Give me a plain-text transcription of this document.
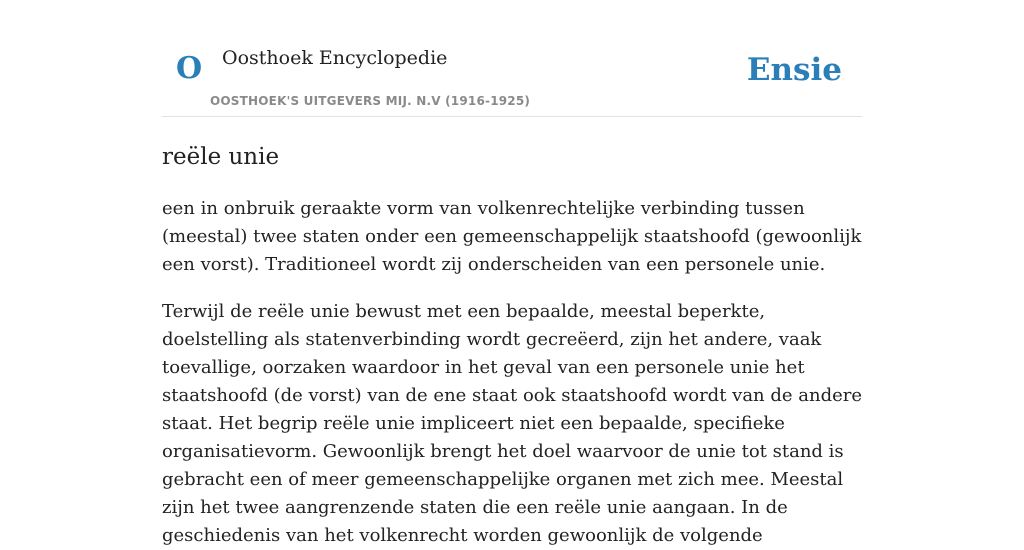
O Oosthoek Encyclopedie
OOSTHOEK'S UITGEVERS MIJ. N.V (1916-1925)
Ensie
reële unie

een in onbruik geraakte vorm van volkenrechtelijke verbinding tussen (meestal) twee staten onder een gemeenschappelijk staatshoofd (gewoonlijk een vorst). Traditioneel wordt zij onderscheiden van een personele unie.

Terwijl de reële unie bewust met een bepaalde, meestal beperkte, doelstelling als statenverbinding wordt gecreëerd, zijn het andere, vaak toevallige, oorzaken waardoor in het geval van een personele unie het staatshoofd (de vorst) van de ene staat ook staatshoofd wordt van de andere staat. Het begrip reële unie impliceert niet een bepaalde, specifieke organisatievorm. Gewoonlijk brengt het doel waarvoor de unie tot stand is gebracht een of meer gemeenschappelijke organen met zich mee. Meestal zijn het twee aangrenzende staten die een reële unie aangaan. In de geschiedenis van het volkenrecht worden gewoonlijk de volgende
